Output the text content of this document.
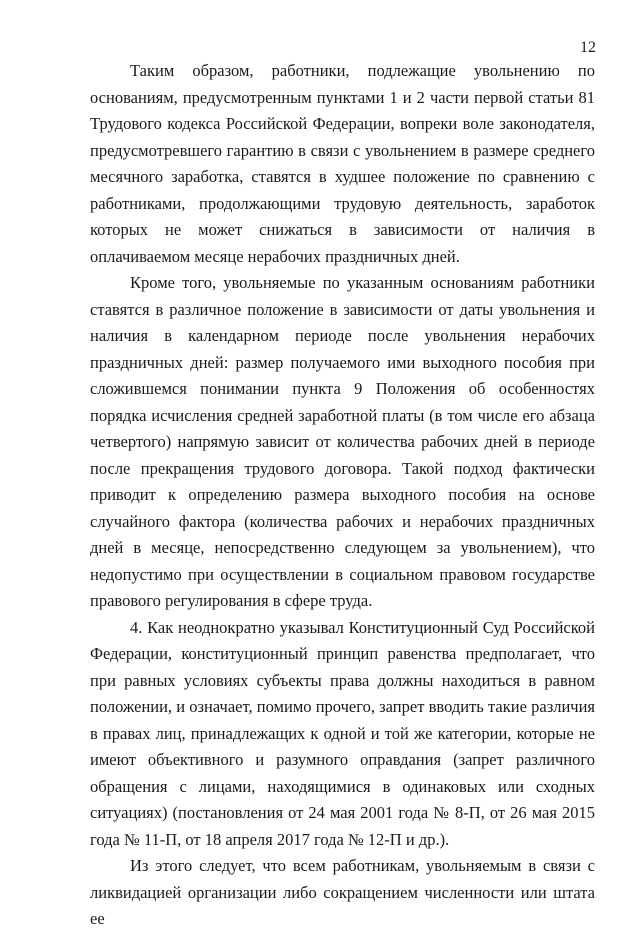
12

Таким образом, работники, подлежащие увольнению по основаниям, предусмотренным пунктами 1 и 2 части первой статьи 81 Трудового кодекса Российской Федерации, вопреки воле законодателя, предусмотревшего гарантию в связи с увольнением в размере среднего месячного заработка, ставятся в худшее положение по сравнению с работниками, продолжающими трудовую деятельность, заработок которых не может снижаться в зависимости от наличия в оплачиваемом месяце нерабочих праздничных дней.

Кроме того, увольняемые по указанным основаниям работники ставятся в различное положение в зависимости от даты увольнения и наличия в календарном периоде после увольнения нерабочих праздничных дней: размер получаемого ими выходного пособия при сложившемся понимании пункта 9 Положения об особенностях порядка исчисления средней заработной платы (в том числе его абзаца четвертого) напрямую зависит от количества рабочих дней в периоде после прекращения трудового договора. Такой подход фактически приводит к определению размера выходного пособия на основе случайного фактора (количества рабочих и нерабочих праздничных дней в месяце, непосредственно следующем за увольнением), что недопустимо при осуществлении в социальном правовом государстве правового регулирования в сфере труда.

4. Как неоднократно указывал Конституционный Суд Российской Федерации, конституционный принцип равенства предполагает, что при равных условиях субъекты права должны находиться в равном положении, и означает, помимо прочего, запрет вводить такие различия в правах лиц, принадлежащих к одной и той же категории, которые не имеют объективного и разумного оправдания (запрет различного обращения с лицами, находящимися в одинаковых или сходных ситуациях) (постановления от 24 мая 2001 года № 8-П, от 26 мая 2015 года № 11-П, от 18 апреля 2017 года № 12-П и др.).

Из этого следует, что всем работникам, увольняемым в связи с ликвидацией организации либо сокращением численности или штата ее
